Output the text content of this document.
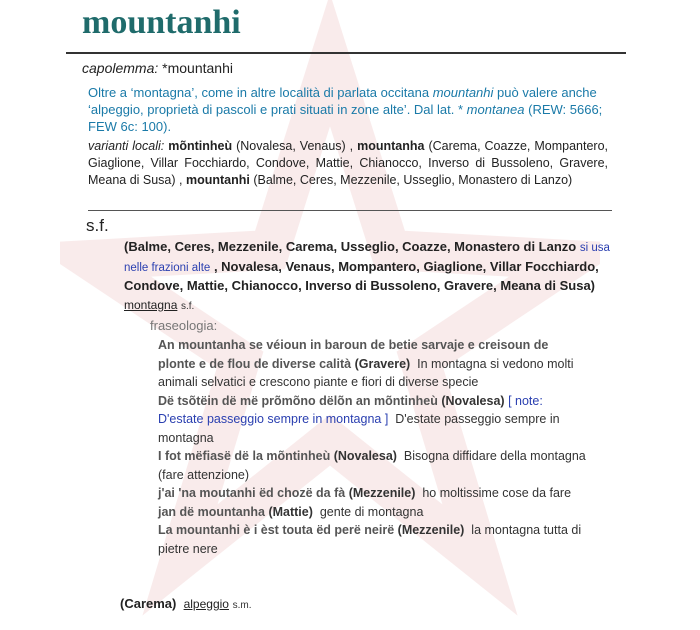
mountanhi
capolemma: *mountanhi
Oltre a ‘montagna’, come in altre località di parlata occitana mountanhi può valere anche ‘alpeggio, proprietà di pascoli e prati situati in zone alte’. Dal lat. * montanea (REW: 5666; FEW 6c: 100).
varianti locali: mõntinheù (Novalesa, Venaus) , mountanha (Carema, Coazze, Mompantero, Giaglione, Villar Focchiardo, Condove, Mattie, Chianocco, Inverso di Bussoleno, Gravere, Meana di Susa) , mountanhi (Balme, Ceres, Mezzenile, Usseglio, Monastero di Lanzo)
s.f.
(Balme, Ceres, Mezzenile, Carema, Usseglio, Coazze, Monastero di Lanzo si usa nelle frazioni alte , Novalesa, Venaus, Mompantero, Giaglione, Villar Focchiardo, Condove, Mattie, Chianocco, Inverso di Bussoleno, Gravere, Meana di Susa) montagna s.f.
fraseologia:
An mountanha se véioun in baroun de betie sarvaje e creisoun de plonte e de flou de diverse calità (Gravere) In montagna si vedono molti animali selvatici e crescono piante e fiori di diverse specie
Dë tsõtëin dë më prõmõno dëlõn an mõntinheù (Novalesa) [ note: D'estate passeggio sempre in montagna ] D'estate passeggio sempre in montagna
I fot mëfiasë dë la mõntinheù (Novalesa) Bisogna diffidare della montagna (fare attenzione)
j'ai 'na moutanhi ëd chozë da fà (Mezzenile) ho moltissime cose da fare
jan dë mountanha (Mattie) gente di montagna
La mountanhi è i èst touta ëd perë neirë (Mezzenile) la montagna tutta di pietre nere
(Carema) alpeggio s.m.
